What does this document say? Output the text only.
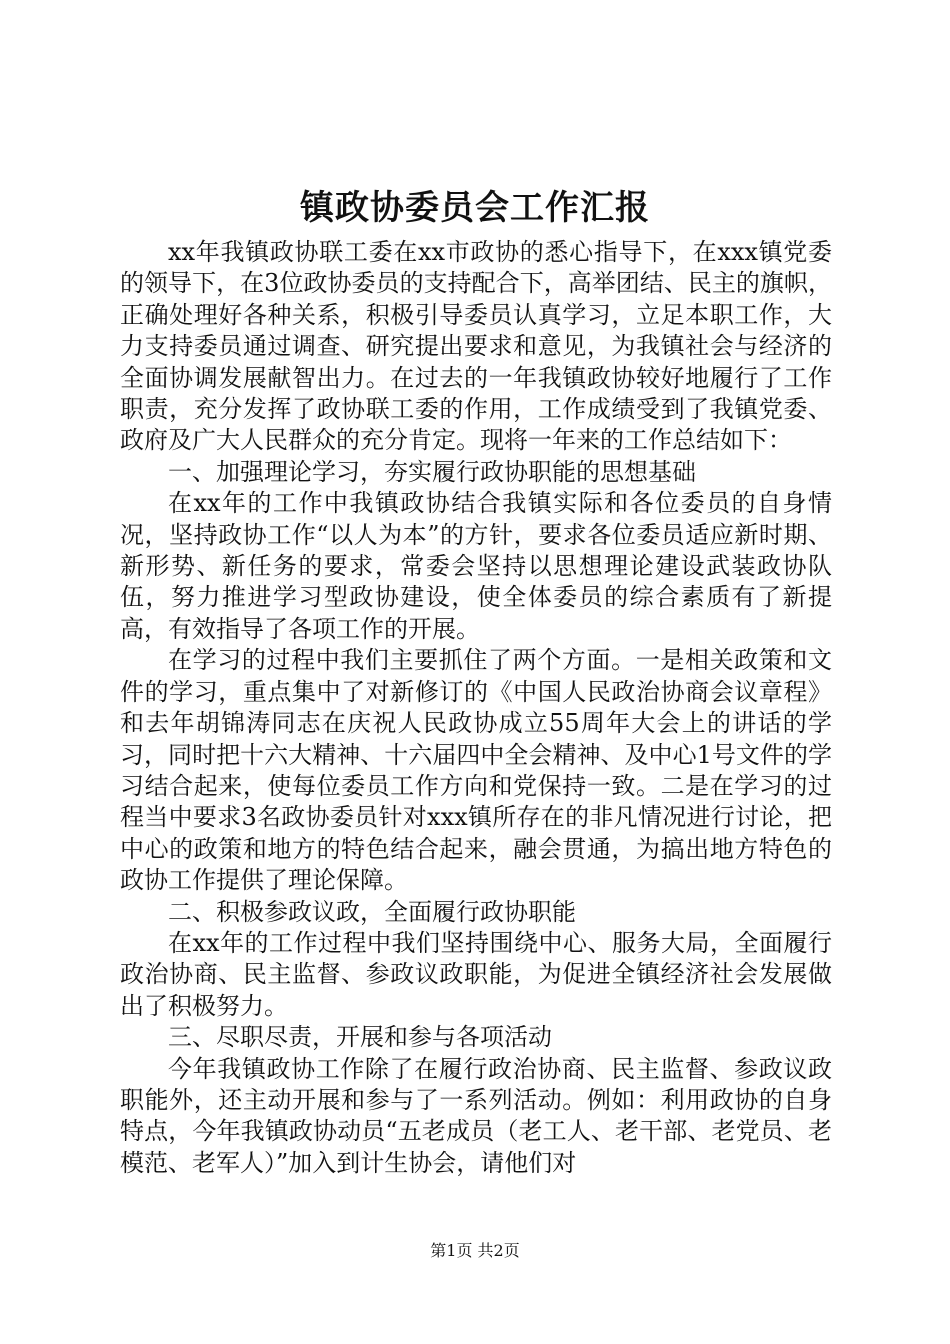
镇政协委员会工作汇报

xx年我镇政协联工委在xx市政协的悉心指导下，在xxx镇党委的领导下，在3位政协委员的支持配合下，高举团结、民主的旗帜，正确处理好各种关系，积极引导委员认真学习，立足本职工作，大力支持委员通过调查、研究提出要求和意见，为我镇社会与经济的全面协调发展献智出力。在过去的一年我镇政协较好地履行了工作职责，充分发挥了政协联工委的作用，工作成绩受到了我镇党委、政府及广大人民群众的充分肯定。现将一年来的工作总结如下：

一、加强理论学习，夯实履行政协职能的思想基础

在xx年的工作中我镇政协结合我镇实际和各位委员的自身情况，坚持政协工作“以人为本”的方针，要求各位委员适应新时期、新形势、新任务的要求，常委会坚持以思想理论建设武装政协队伍，努力推进学习型政协建设，使全体委员的综合素质有了新提高，有效指导了各项工作的开展。

在学习的过程中我们主要抓住了两个方面。一是相关政策和文件的学习，重点集中了对新修订的《中国人民政治协商会议章程》和去年胡锦涛同志在庆祝人民政协成立55周年大会上的讲话的学习，同时把十六大精神、十六届四中全会精神、及中心1号文件的学习结合起来，使每位委员工作方向和党保持一致。二是在学习的过程当中要求3名政协委员针对xxx镇所存在的非凡情况进行讨论，把中心的政策和地方的特色结合起来，融会贯通，为搞出地方特色的政协工作提供了理论保障。

二、积极参政议政，全面履行政协职能

在xx年的工作过程中我们坚持围绕中心、服务大局，全面履行政治协商、民主监督、参政议政职能，为促进全镇经济社会发展做出了积极努力。

三、尽职尽责，开展和参与各项活动

今年我镇政协工作除了在履行政治协商、民主监督、参政议政职能外，还主动开展和参与了一系列活动。例如：利用政协的自身特点，今年我镇政协动员“五老成员（老工人、老干部、老党员、老模范、老军人）”加入到计生协会，请他们对

第1页 共2页
